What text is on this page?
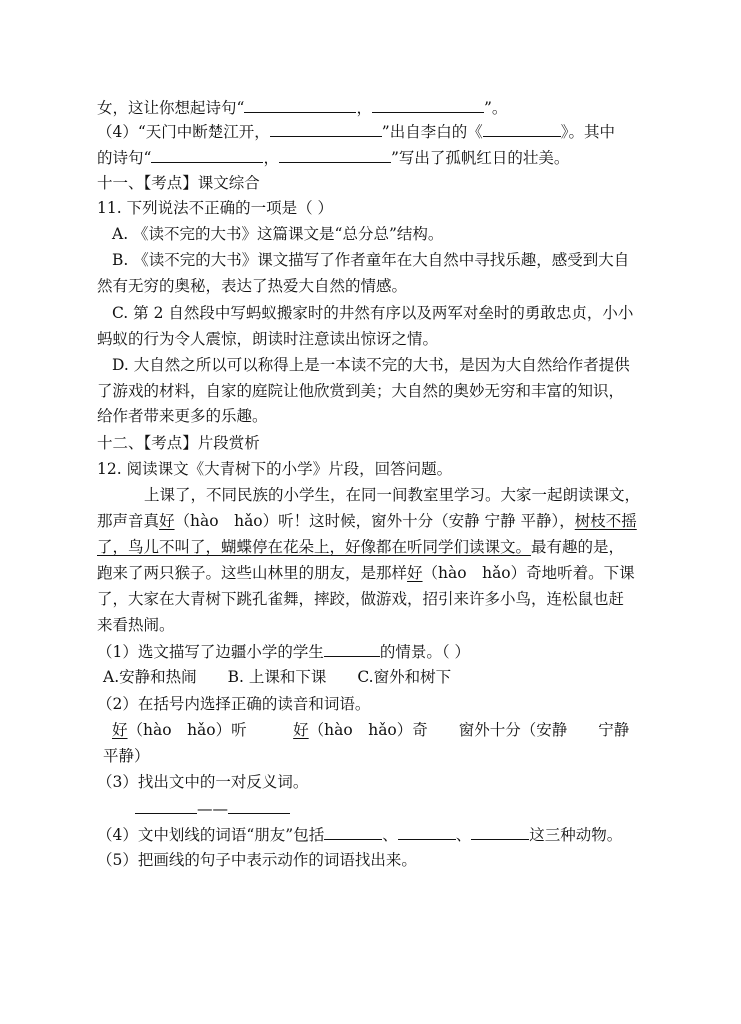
女，这让你想起诗句“	，	”。
（4）“天门中断楚江开，	”出自李白的《	》。其中
的诗句“	，	”写出了孤帆红日的壮美。
十一、【考点】课文综合
11. 下列说法不正确的一项是（ ）
A. 《读不完的大书》这篇课文是“总分总”结构。
B. 《读不完的大书》课文描写了作者童年在大自然中寻找乐趣，感受到大自
然有无穷的奥秘，表达了热爱大自然的情感。
C. 第 2 自然段中写蚂蚁搬家时的井然有序以及两军对垒时的勇敢忠贞，小小
蚂蚁的行为令人震惊，朗读时注意读出惊讶之情。
D. 大自然之所以可以称得上是一本读不完的大书，是因为大自然给作者提供
了游戏的材料，自家的庭院让他欣赏到美；大自然的奥妙无穷和丰富的知识，
给作者带来更多的乐趣。
十二、【考点】片段赏析
12. 阅读课文《大青树下的小学》片段，回答问题。
上课了，不同民族的小学生，在同一间教室里学习。大家一起朗读课文，
那声音真好（hào　hǎo）听！这时候，窗外十分（安静 宁静 平静），树枝不摇
了，鸟儿不叫了，蝴蝶停在花朵上，好像都在听同学们读课文。最有趣的是，
跑来了两只猴子。这些山林里的朋友，是那样好（hào　hǎo）奇地听着。下课
了，大家在大青树下跳孔雀舞，摔跤，做游戏，招引来许多小鸟，连松鼠也赶
来看热闹。
（1）选文描写了边疆小学的学生	的情景。（ ）
A.安静和热闹　　B. 上课和下课　　C.窗外和树下
（2）在括号内选择正确的读音和词语。
好（hào　hǎo）听　　　好（hào　hǎo）奇　　窗外十分（安静　　宁静
平静）
（3）找出文中的一对反义词。
——
（4）文中划线的词语“朋友”包括	、	、	这三种动物。
（5）把画线的句子中表示动作的词语找出来。
